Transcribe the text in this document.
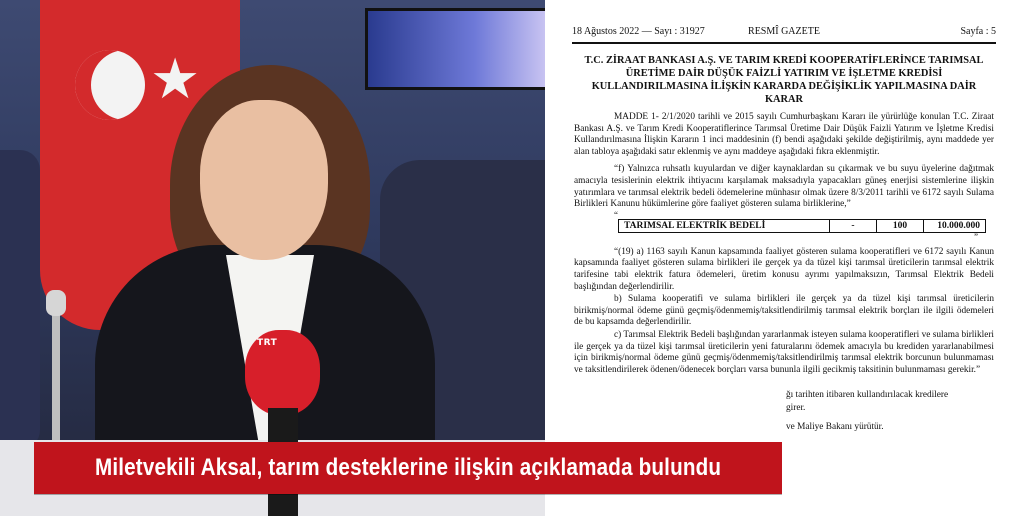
★
TRT
18 Ağustos 2022 — Sayı : 31927	RESMÎ GAZETE	Sayfa : 5
T.C. ZİRAAT BANKASI A.Ş. VE TARIM KREDİ KOOPERATİFLERİNCE TARIMSAL ÜRETİME DAİR DÜŞÜK FAİZLİ YATIRIM VE İŞLETME KREDİSİ KULLANDIRILMASINA İLİŞKİN KARARDA DEĞİŞİKLİK YAPILMASINA DAİR KARAR
MADDE 1- 2/1/2020 tarihli ve 2015 sayılı Cumhurbaşkanı Kararı ile yürürlüğe konulan T.C. Ziraat Bankası A.Ş. ve Tarım Kredi Kooperatiflerince Tarımsal Üretime Dair Düşük Faizli Yatırım ve İşletme Kredisi Kullandırılmasına İlişkin Kararın 1 inci maddesinin (f) bendi aşağıdaki şekilde değiştirilmiş, aynı maddede yer alan tabloya aşağıdaki satır eklenmiş ve aynı maddeye aşağıdaki fıkra eklenmiştir.
“f) Yalnızca ruhsatlı kuyulardan ve diğer kaynaklardan su çıkarmak ve bu suyu üyelerine dağıtmak amacıyla tesislerinin elektrik ihtiyacını karşılamak maksadıyla yapacakları güneş enerjisi sistemlerine ilişkin yatırımlara ve tarımsal elektrik bedeli ödemelerine münhasır olmak üzere 8/3/2011 tarihli ve 6172 sayılı Sulama Birlikleri Kanunu hükümlerine göre faaliyet gösteren sulama birliklerine,”
“
TARIMSAL ELEKTRİK BEDELİ	-	100	10.000.000
”
“(19) a) 1163 sayılı Kanun kapsamında faaliyet gösteren sulama kooperatifleri ve 6172 sayılı Kanun kapsamında faaliyet gösteren sulama birlikleri ile gerçek ya da tüzel kişi tarımsal üreticilerin tarımsal elektrik tarifesine tabi elektrik fatura ödemeleri, üretim konusu ayrımı yapılmaksızın, Tarımsal Elektrik Bedeli başlığından değerlendirilir.
b) Sulama kooperatifi ve sulama birlikleri ile gerçek ya da tüzel kişi tarımsal üreticilerin birikmiş/normal ödeme günü geçmiş/ödenmemiş/taksitlendirilmiş tarımsal elektrik borçları ile ilgili ödemeleri de bu kapsamda değerlendirilir.
c) Tarımsal Elektrik Bedeli başlığından yararlanmak isteyen sulama kooperatifleri ve sulama birlikleri ile gerçek ya da tüzel kişi tarımsal üreticilerin yeni faturalarını ödemek amacıyla bu krediden yararlanabilmesi için birikmiş/normal ödeme günü geçmiş/ödenmemiş/taksitlendirilmiş tarımsal elektrik borcunun bulunmaması ve taksitlendirilerek ödenen/ödenecek borçları varsa bununla ilgili gecikmiş taksitinin bulunmaması gerekir.”
ğı tarihten itibaren kullandırılacak kredilere
girer.
ve Maliye Bakanı yürütür.
Miletvekili Aksal, tarım desteklerine ilişkin açıklamada bulundu
